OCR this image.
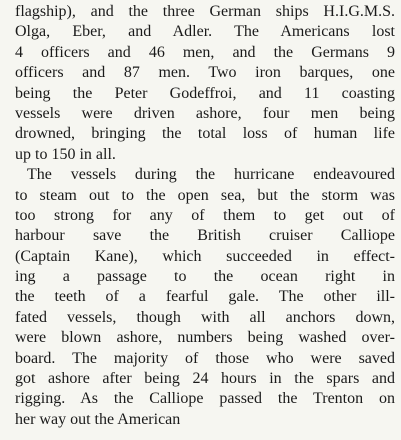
flagship), and the three German ships H.I.G.M.S.
Olga, Eber, and Adler. The Americans lost
4 officers and 46 men, and the Germans 9
officers and 87 men. Two iron barques, one
being the Peter Godeffroi, and 11 coasting
vessels were driven ashore, four men being
drowned, bringing the total loss of human life
up to 150 in all.
The vessels during the hurricane endeavoured
to steam out to the open sea, but the storm was
too strong for any of them to get out of
harbour save the British cruiser Calliope
(Captain Kane), which succeeded in effect-
ing a passage to the ocean right in
the teeth of a fearful gale. The other ill-
fated vessels, though with all anchors down,
were blown ashore, numbers being washed over-
board. The majority of those who were saved
got ashore after being 24 hours in the spars and
rigging. As the Calliope passed the Trenton on
her way out the American
